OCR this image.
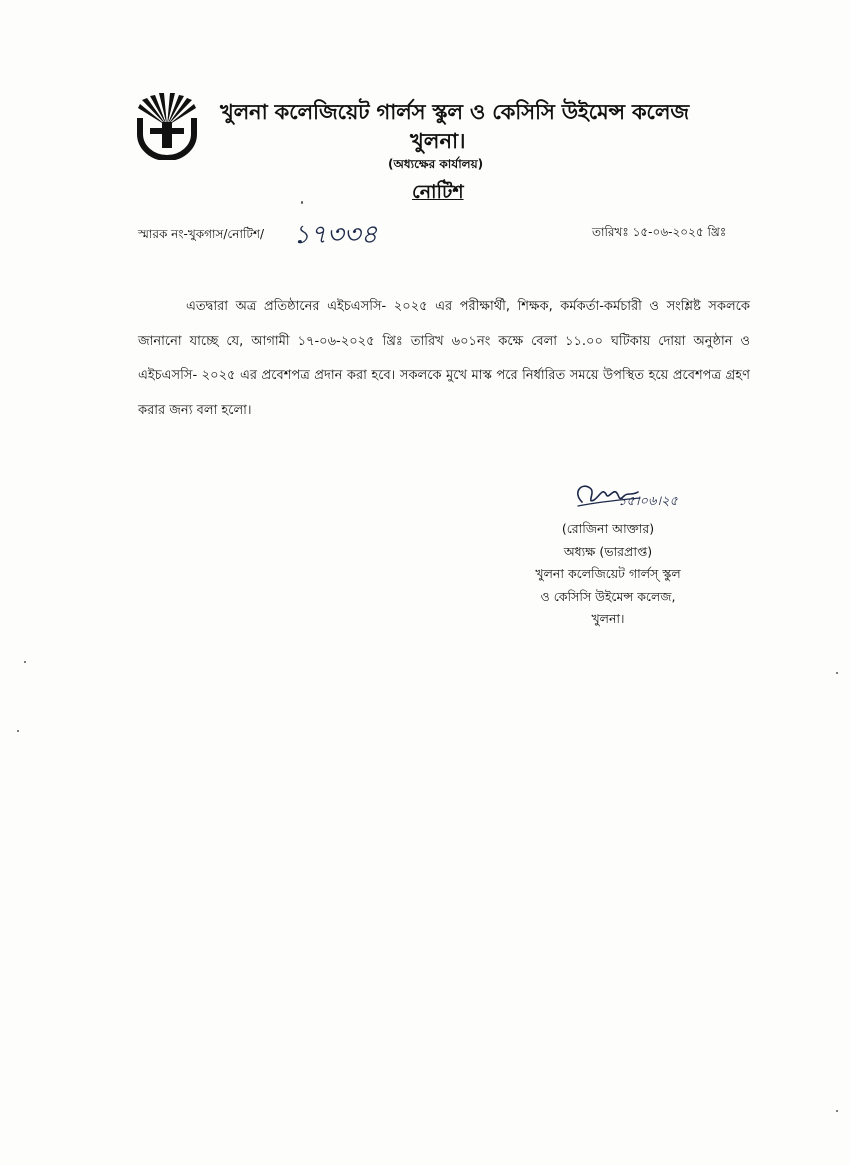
খুলনা কলেজিয়েট গার্লস স্কুল ও কেসিসি উইমেন্স কলেজ
খুলনা।
(অধ্যক্ষের কার্যালয়)
নোটিশ
স্মারক নং-খুকগাস/নোটিশ/ ১৭৩৩৪	তারিখঃ ১৫-০৬-২০২৫ খ্রিঃ
এতদ্বারা অত্র প্রতিষ্ঠানের এইচএসসি- ২০২৫ এর পরীক্ষার্থী, শিক্ষক, কর্মকর্তা-কর্মচারী ও সংশ্লিষ্ট সকলকে জানানো যাচ্ছে যে, আগামী ১৭-০৬-২০২৫ খ্রিঃ তারিখ ৬০১নং কক্ষে বেলা ১১.০০ ঘটিকায় দোয়া অনুষ্ঠান ও এইচএসসি- ২০২৫ এর প্রবেশপত্র প্রদান করা হবে। সকলকে মুখে মাস্ক পরে নির্ধারিত সময়ে উপস্থিত হয়ে প্রবেশপত্র গ্রহণ করার জন্য বলা হলো।
১৫।০৬।২৫
(রোজিনা আক্তার)
অধ্যক্ষ (ভারপ্রাপ্ত)
খুলনা কলেজিয়েট গার্লস্ স্কুল
ও কেসিসি উইমেন্স কলেজ,
খুলনা।
